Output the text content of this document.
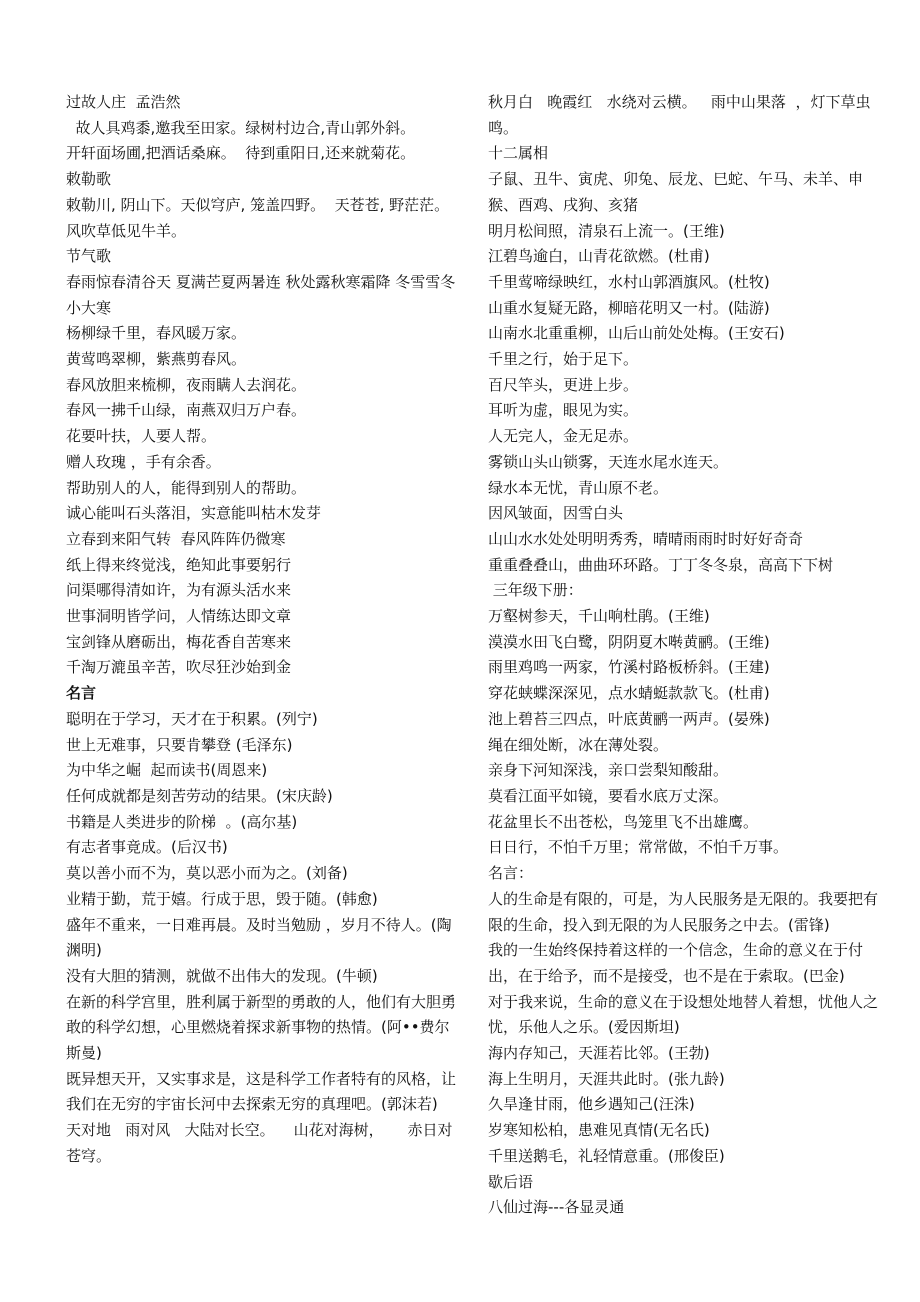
过故人庄  孟浩然
故人具鸡黍,邀我至田家。绿树村边合,青山郭外斜。
开轩面场圃,把酒话桑麻。  待到重阳日,还来就菊花。
敕勒歌
敕勒川, 阴山下。天似穹庐, 笼盖四野。  天苍苍, 野茫茫。  风吹草低见牛羊。
节气歌
春雨惊春清谷天 夏满芒夏两暑连 秋处露秋寒霜降 冬雪雪冬小大寒
杨柳绿千里，春风暖万家。
黄莺鸣翠柳，紫燕剪春风。
春风放胆来梳柳，夜雨瞒人去润花。
春风一拂千山绿，南燕双归万户春。
花要叶扶，人要人帮。
赠人玫瑰 ，手有余香。
帮助别人的人，能得到别人的帮助。
诚心能叫石头落泪，实意能叫枯木发芽
立春到来阳气转  春风阵阵仍微寒
纸上得来终觉浅，绝知此事要躬行
问渠哪得清如许，为有源头活水来
世事洞明皆学问，人情练达即文章
宝剑锋从磨砺出，梅花香自苦寒来
千淘万漉虽辛苦，吹尽狂沙始到金
名言
聪明在于学习，天才在于积累。(列宁)
世上无难事，只要肯攀登 (毛泽东)
为中华之崛  起而读书(周恩来)
任何成就都是刻苦劳动的结果。(宋庆龄)
书籍是人类进步的阶梯  。(高尔基)
有志者事竟成。(后汉书)
莫以善小而不为，莫以恶小而为之。(刘备)
业精于勤，荒于嬉。行成于思，毁于随。(韩愈)
盛年不重来，一日难再晨。及时当勉励 ，岁月不待人。(陶渊明)
没有大胆的猜测，就做不出伟大的发现。(牛顿)
在新的科学宫里，胜利属于新型的勇敢的人，他们有大胆勇敢的科学幻想，心里燃烧着探求新事物的热情。(阿••费尔斯曼)
既异想天开，又实事求是，这是科学工作者特有的风格，让我们在无穷的宇宙长河中去探索无穷的真理吧。(郭沫若)
天对地   雨对风   大陆对长空。    山花对海树，     赤日对苍穹。
秋月白   晚霞红   水绕对云横。   雨中山果落  ，灯下草虫鸣。
十二属相
子鼠、丑牛、寅虎、卯兔、辰龙、巳蛇、午马、未羊、申猴、酉鸡、戌狗、亥猪
明月松间照，清泉石上流一。(王维)
江碧鸟逾白，山青花欲燃。(杜甫)
千里莺啼绿映红，水村山郭酒旗风。(杜牧)
山重水复疑无路，柳暗花明又一村。(陆游)
山南水北重重柳，山后山前处处梅。(王安石)
千里之行，始于足下。
百尺竿头，更进上步。
耳听为虚，眼见为实。
人无完人，金无足赤。
雾锁山头山锁雾，天连水尾水连天。
绿水本无忧，青山原不老。
因风皱面，因雪白头
山山水水处处明明秀秀，晴晴雨雨时时好好奇奇
重重叠叠山，曲曲环环路。丁丁冬冬泉，高高下下树
三年级下册：
万壑树参天，千山响杜鹃。(王维)
漠漠水田飞白鹭，阴阴夏木啭黄鹂。(王维)
雨里鸡鸣一两家，竹溪村路板桥斜。(王建)
穿花蛱蝶深深见，点水蜻蜓款款飞。(杜甫)
池上碧苔三四点，叶底黄鹂一两声。(晏殊)
绳在细处断，冰在薄处裂。
亲身下河知深浅，亲口尝梨知酸甜。
莫看江面平如镜，要看水底万丈深。
花盆里长不出苍松，鸟笼里飞不出雄鹰。
日日行，不怕千万里；常常做，不怕千万事。
名言：
人的生命是有限的，可是，为人民服务是无限的。我要把有限的生命，投入到无限的为人民服务之中去。(雷锋)
我的一生始终保持着这样的一个信念，生命的意义在于付出，在于给予，而不是接受，也不是在于索取。(巴金)
对于我来说，生命的意义在于设想处地替人着想，忧他人之忧，乐他人之乐。(爱因斯坦)
海内存知己，天涯若比邻。(王勃)
海上生明月，天涯共此时。(张九龄)
久旱逢甘雨，他乡遇知己(汪洙)
岁寒知松柏，患难见真情(无名氏)
千里送鹅毛，礼轻情意重。(邢俊臣)
歇后语
八仙过海---各显灵通
